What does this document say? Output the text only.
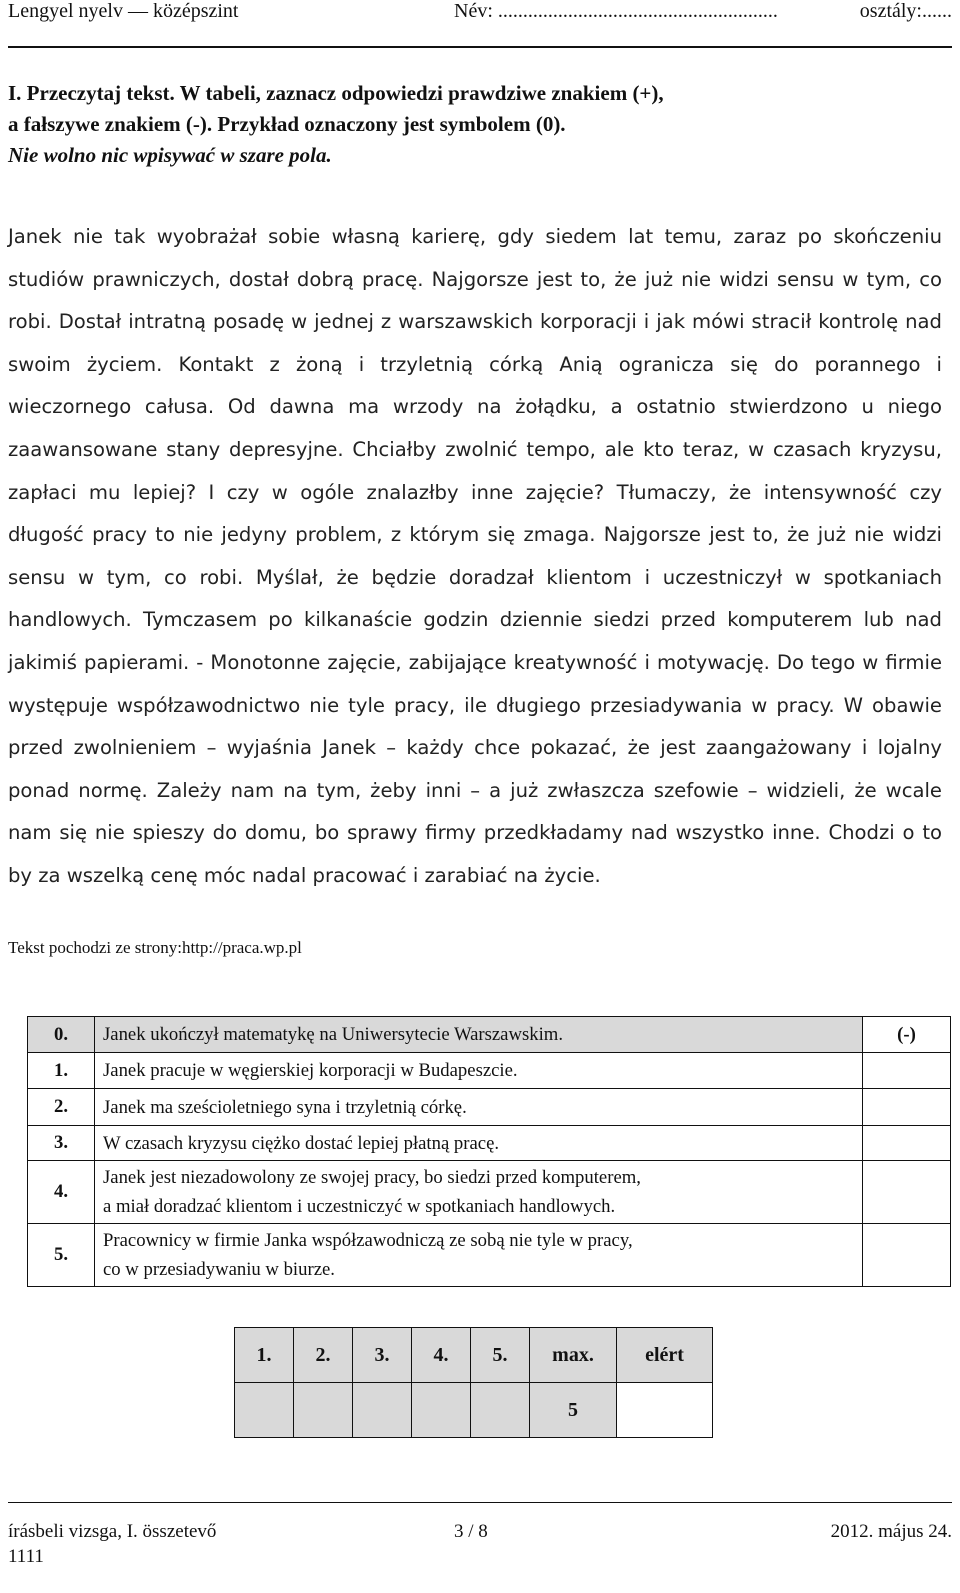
Lengyel nyelv — középszint	Név: ........................................................	osztály:......
I. Przeczytaj tekst. W tabeli, zaznacz odpowiedzi prawdziwe znakiem (+),
a fałszywe znakiem (-). Przykład oznaczony jest symbolem (0).
Nie wolno nic wpisywać w szare pola.

Janek nie tak wyobrażał sobie własną karierę, gdy siedem lat temu, zaraz po skończeniu studiów prawniczych, dostał dobrą pracę. Najgorsze jest to, że już nie widzi sensu w tym, co robi. Dostał intratną posadę w jednej z warszawskich korporacji i jak mówi stracił kontrolę nad swoim życiem. Kontakt z żoną i trzyletnią córką Anią ogranicza się do porannego i wieczornego całusa. Od dawna ma wrzody na żołądku, a ostatnio stwierdzono u niego zaawansowane stany depresyjne. Chciałby zwolnić tempo, ale kto teraz, w czasach kryzysu, zapłaci mu lepiej? I czy w ogóle znalazłby inne zajęcie? Tłumaczy, że intensywność czy długość pracy to nie jedyny problem, z którym się zmaga. Najgorsze jest to, że już nie widzi sensu w tym, co robi. Myślał, że będzie doradzał klientom i uczestniczył w spotkaniach handlowych. Tymczasem po kilkanaście godzin dziennie siedzi przed komputerem lub nad jakimiś papierami. - Monotonne zajęcie, zabijające kreatywność i motywację. Do tego w firmie występuje współzawodnictwo nie tyle pracy, ile długiego przesiadywania w pracy. W obawie przed zwolnieniem – wyjaśnia Janek – każdy chce pokazać, że jest zaangażowany i lojalny ponad normę. Zależy nam na tym, żeby inni – a już zwłaszcza szefowie – widzieli, że wcale nam się nie spieszy do domu, bo sprawy firmy przedkładamy nad wszystko inne. Chodzi o to by za wszelką cenę móc nadal pracować i zarabiać na życie.

Tekst pochodzi ze strony:http://praca.wp.pl
0.	Janek ukończył matematykę na Uniwersytecie Warszawskim.	(-)
1.	Janek pracuje w węgierskiej korporacji w Budapeszcie.	
2.	Janek ma sześcioletniego syna i trzyletnią córkę.	
3.	W czasach kryzysu ciężko dostać lepiej płatną pracę.	
4.	Janek jest niezadowolony ze swojej pracy, bo siedzi przed komputerem,
a miał doradzać klientom i uczestniczyć w spotkaniach handlowych.	

5.	Pracownicy w firmie Janka współzawodniczą ze sobą nie tyle w pracy,
co w przesiadywaniu w biurze.	

1.	2.	3.	4.	5.	max.	elért
					5	
írásbeli vizsga, I. összetevő	3 / 8	2012. május 24.
1111
